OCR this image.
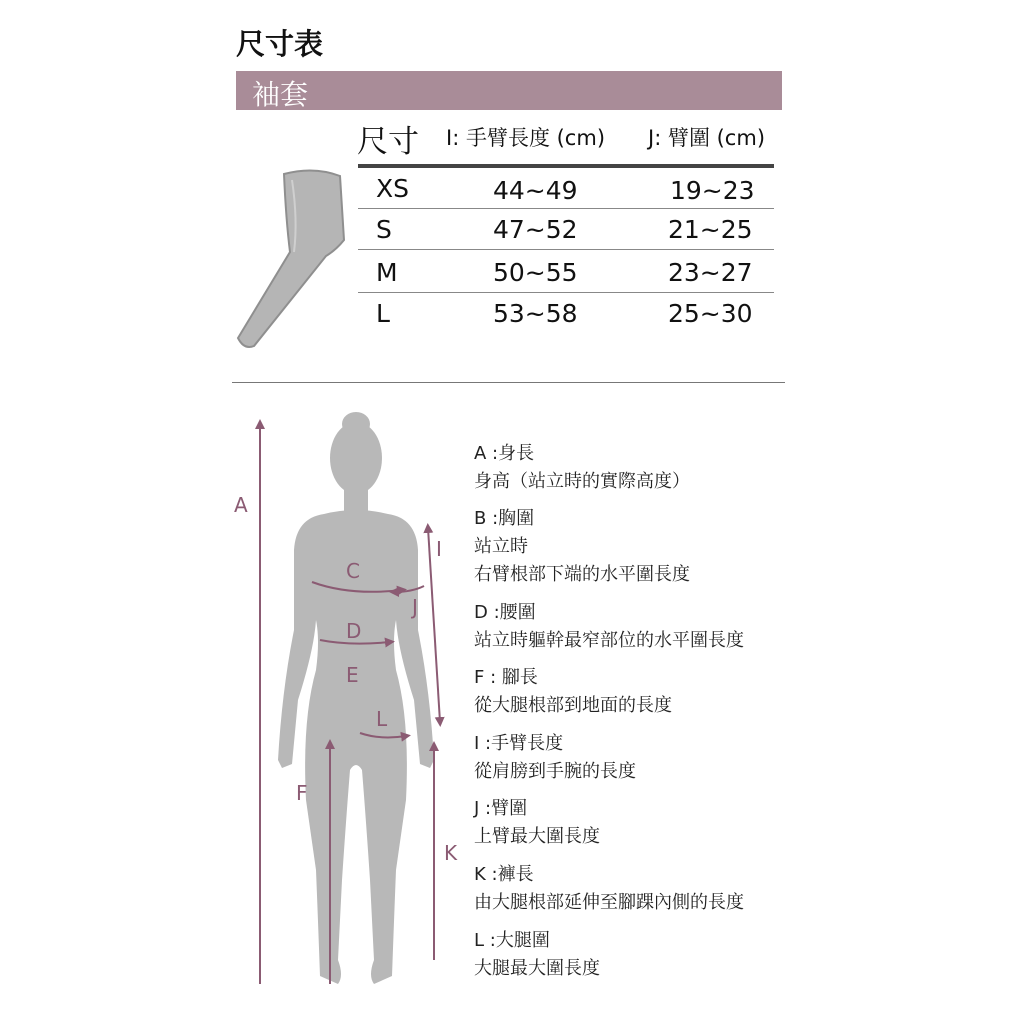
尺寸表
袖套
尺寸 I: 手臂長度 (cm) J: 臂圍 (cm)
XS	44~49	19~23
S	47~52	21~25
M	50~55	23~27
L	53~58	25~30
A
C
D
E
F
I
J
K
L
A :身長
身高（站立時的實際高度）
B :胸圍
站立時
右臂根部下端的水平圍長度
D :腰圍
站立時軀幹最窄部位的水平圍長度
F : 腳長
從大腿根部到地面的長度
I :手臂長度
從肩膀到手腕的長度
J :臂圍
上臂最大圍長度
K :褲長
由大腿根部延伸至腳踝內側的長度
L :大腿圍
大腿最大圍長度
